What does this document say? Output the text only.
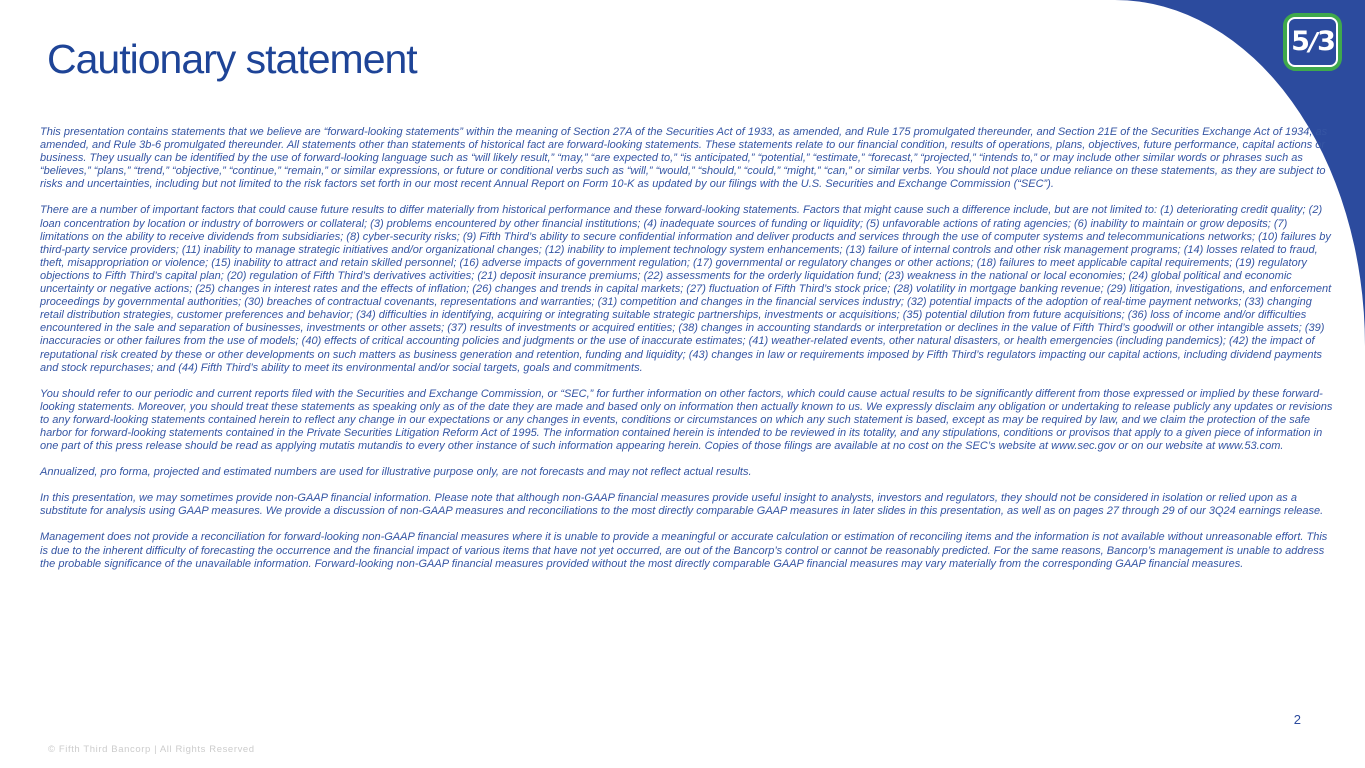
5 / 3
Cautionary statement

This presentation contains statements that we believe are “forward-looking statements” within the meaning of Section 27A of the Securities Act of 1933, as amended, and Rule 175 promulgated thereunder, and Section 21E of the Securities Exchange Act of 1934, as amended, and Rule 3b-6 promulgated thereunder. All statements other than statements of historical fact are forward-looking statements. These statements relate to our financial condition, results of operations, plans, objectives, future performance, capital actions or business. They usually can be identified by the use of forward-looking language such as “will likely result,” “may,” “are expected to,” “is anticipated,” “potential,” “estimate,” “forecast,” “projected,” “intends to,” or may include other similar words or phrases such as “believes,” “plans,” “trend,” “objective,” “continue,” “remain,” or similar expressions, or future or conditional verbs such as “will,” “would,” “should,” “could,” “might,” “can,” or similar verbs. You should not place undue reliance on these statements, as they are subject to risks and uncertainties, including but not limited to the risk factors set forth in our most recent Annual Report on Form 10-K as updated by our filings with the U.S. Securities and Exchange Commission (“SEC”).

There are a number of important factors that could cause future results to differ materially from historical performance and these forward-looking statements. Factors that might cause such a difference include, but are not limited to: (1) deteriorating credit quality; (2) loan concentration by location or industry of borrowers or collateral; (3) problems encountered by other financial institutions; (4) inadequate sources of funding or liquidity; (5) unfavorable actions of rating agencies; (6) inability to maintain or grow deposits; (7) limitations on the ability to receive dividends from subsidiaries; (8) cyber-security risks; (9) Fifth Third’s ability to secure confidential information and deliver products and services through the use of computer systems and telecommunications networks; (10) failures by third-party service providers; (11) inability to manage strategic initiatives and/or organizational changes; (12) inability to implement technology system enhancements; (13) failure of internal controls and other risk management programs; (14) losses related to fraud, theft, misappropriation or violence; (15) inability to attract and retain skilled personnel; (16) adverse impacts of government regulation; (17) governmental or regulatory changes or other actions; (18) failures to meet applicable capital requirements; (19) regulatory objections to Fifth Third’s capital plan; (20) regulation of Fifth Third’s derivatives activities; (21) deposit insurance premiums; (22) assessments for the orderly liquidation fund; (23) weakness in the national or local economies; (24) global political and economic uncertainty or negative actions; (25) changes in interest rates and the effects of inflation; (26) changes and trends in capital markets; (27) fluctuation of Fifth Third’s stock price; (28) volatility in mortgage banking revenue; (29) litigation, investigations, and enforcement proceedings by governmental authorities; (30) breaches of contractual covenants, representations and warranties; (31) competition and changes in the financial services industry; (32) potential impacts of the adoption of real-time payment networks; (33) changing retail distribution strategies, customer preferences and behavior; (34) difficulties in identifying, acquiring or integrating suitable strategic partnerships, investments or acquisitions; (35) potential dilution from future acquisitions; (36) loss of income and/or difficulties encountered in the sale and separation of businesses, investments or other assets; (37) results of investments or acquired entities; (38) changes in accounting standards or interpretation or declines in the value of Fifth Third’s goodwill or other intangible assets; (39) inaccuracies or other failures from the use of models; (40) effects of critical accounting policies and judgments or the use of inaccurate estimates; (41) weather-related events, other natural disasters, or health emergencies (including pandemics); (42) the impact of reputational risk created by these or other developments on such matters as business generation and retention, funding and liquidity; (43) changes in law or requirements imposed by Fifth Third’s regulators impacting our capital actions, including dividend payments and stock repurchases; and (44) Fifth Third’s ability to meet its environmental and/or social targets, goals and commitments.

You should refer to our periodic and current reports filed with the Securities and Exchange Commission, or “SEC,” for further information on other factors, which could cause actual results to be significantly different from those expressed or implied by these forward-looking statements. Moreover, you should treat these statements as speaking only as of the date they are made and based only on information then actually known to us. We expressly disclaim any obligation or undertaking to release publicly any updates or revisions to any forward-looking statements contained herein to reflect any change in our expectations or any changes in events, conditions or circumstances on which any such statement is based, except as may be required by law, and we claim the protection of the safe harbor for forward-looking statements contained in the Private Securities Litigation Reform Act of 1995. The information contained herein is intended to be reviewed in its totality, and any stipulations, conditions or provisos that apply to a given piece of information in one part of this press release should be read as applying mutatis mutandis to every other instance of such information appearing herein. Copies of those filings are available at no cost on the SEC’s website at www.sec.gov or on our website at www.53.com.

Annualized, pro forma, projected and estimated numbers are used for illustrative purpose only, are not forecasts and may not reflect actual results.

In this presentation, we may sometimes provide non-GAAP financial information. Please note that although non-GAAP financial measures provide useful insight to analysts, investors and regulators, they should not be considered in isolation or relied upon as a substitute for analysis using GAAP measures. We provide a discussion of non-GAAP measures and reconciliations to the most directly comparable GAAP measures in later slides in this presentation, as well as on pages 27 through 29 of our 3Q24 earnings release.

Management does not provide a reconciliation for forward-looking non-GAAP financial measures where it is unable to provide a meaningful or accurate calculation or estimation of reconciling items and the information is not available without unreasonable effort. This is due to the inherent difficulty of forecasting the occurrence and the financial impact of various items that have not yet occurred, are out of the Bancorp’s control or cannot be reasonably predicted. For the same reasons, Bancorp’s management is unable to address the probable significance of the unavailable information. Forward-looking non-GAAP financial measures provided without the most directly comparable GAAP financial measures may vary materially from the corresponding GAAP financial measures.

© Fifth Third Bancorp | All Rights Reserved
2
